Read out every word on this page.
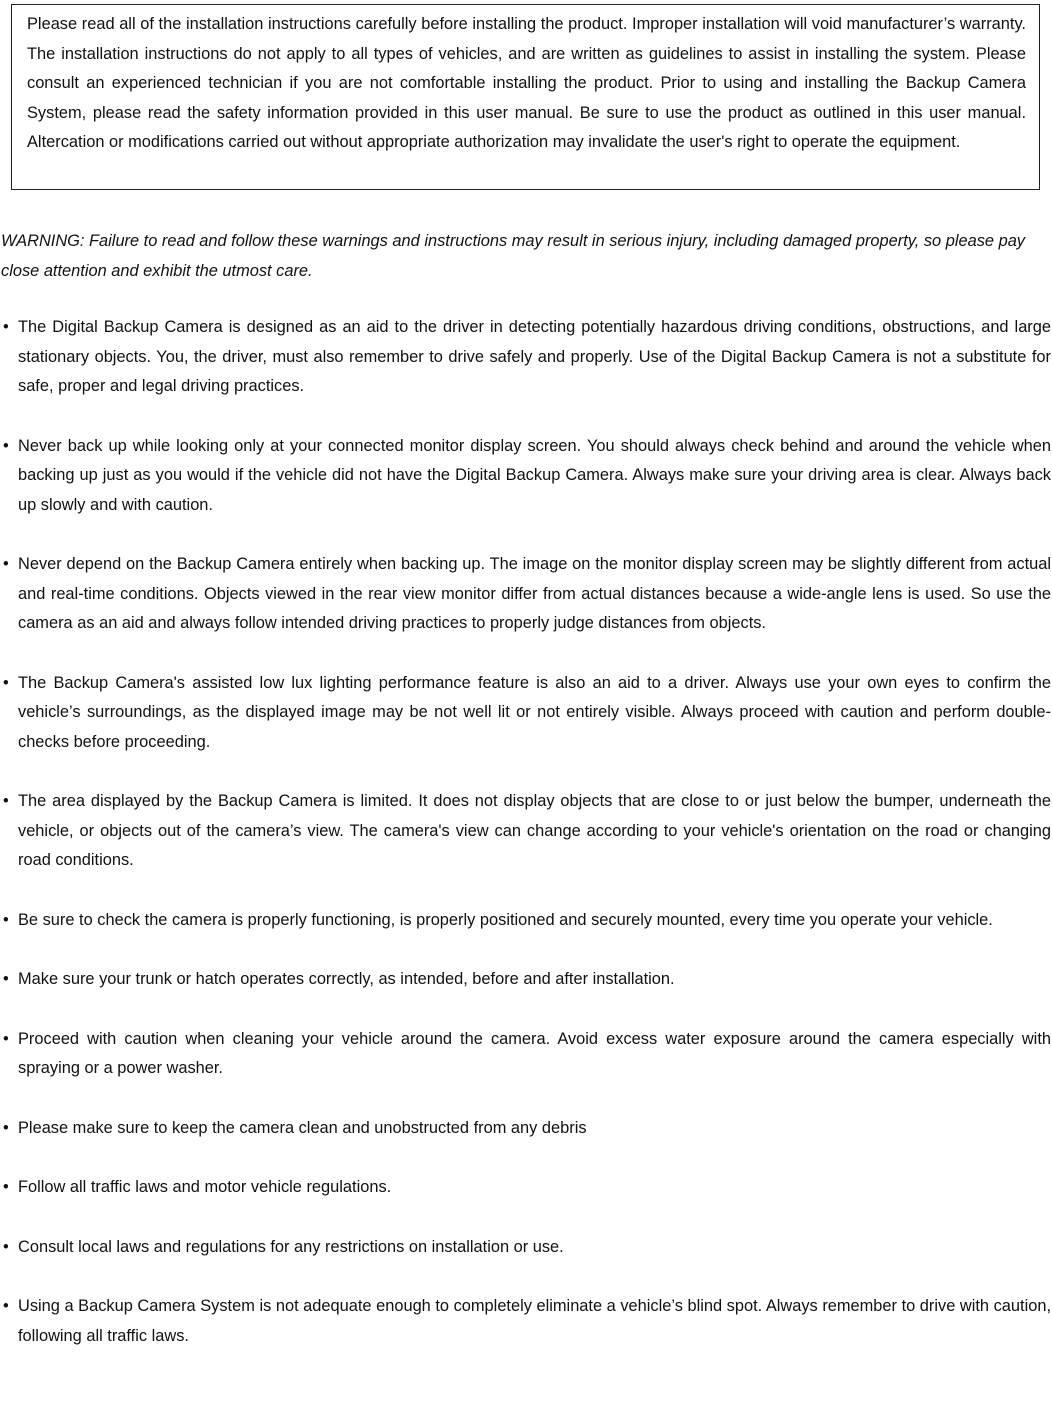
Please read all of the installation instructions carefully before installing the product. Improper installation will void manufacturer’s warranty. The installation instructions do not apply to all types of vehicles, and are written as guidelines to assist in installing the system. Please consult an experienced technician if you are not comfortable installing the product. Prior to using and installing the Backup Camera System, please read the safety information provided in this user manual. Be sure to use the product as outlined in this user manual. Altercation or modifications carried out without appropriate authorization may invalidate the user's right to operate the equipment.

WARNING: Failure to read and follow these warnings and instructions may result in serious injury, including damaged property, so please pay close attention and exhibit the utmost care.

• The Digital Backup Camera is designed as an aid to the driver in detecting potentially hazardous driving conditions, obstructions, and large stationary objects. You, the driver, must also remember to drive safely and properly. Use of the Digital Backup Camera is not a substitute for safe, proper and legal driving practices.
• Never back up while looking only at your connected monitor display screen. You should always check behind and around the vehicle when backing up just as you would if the vehicle did not have the Digital Backup Camera. Always make sure your driving area is clear. Always back up slowly and with caution.
• Never depend on the Backup Camera entirely when backing up. The image on the monitor display screen may be slightly different from actual and real-time conditions. Objects viewed in the rear view monitor differ from actual distances because a wide-angle lens is used. So use the camera as an aid and always follow intended driving practices to properly judge distances from objects.
• The Backup Camera's assisted low lux lighting performance feature is also an aid to a driver. Always use your own eyes to confirm the vehicle’s surroundings, as the displayed image may be not well lit or not entirely visible. Always proceed with caution and perform double-checks before proceeding.
• The area displayed by the Backup Camera is limited. It does not display objects that are close to or just below the bumper, underneath the vehicle, or objects out of the camera’s view. The camera's view can change according to your vehicle's orientation on the road or changing road conditions.
• Be sure to check the camera is properly functioning, is properly positioned and securely mounted, every time you operate your vehicle.
• Make sure your trunk or hatch operates correctly, as intended, before and after installation.
• Proceed with caution when cleaning your vehicle around the camera. Avoid excess water exposure around the camera especially with spraying or a power washer.
• Please make sure to keep the camera clean and unobstructed from any debris
• Follow all traffic laws and motor vehicle regulations.
• Consult local laws and regulations for any restrictions on installation or use.
• Using a Backup Camera System is not adequate enough to completely eliminate a vehicle’s blind spot. Always remember to drive with caution, following all traffic laws.
